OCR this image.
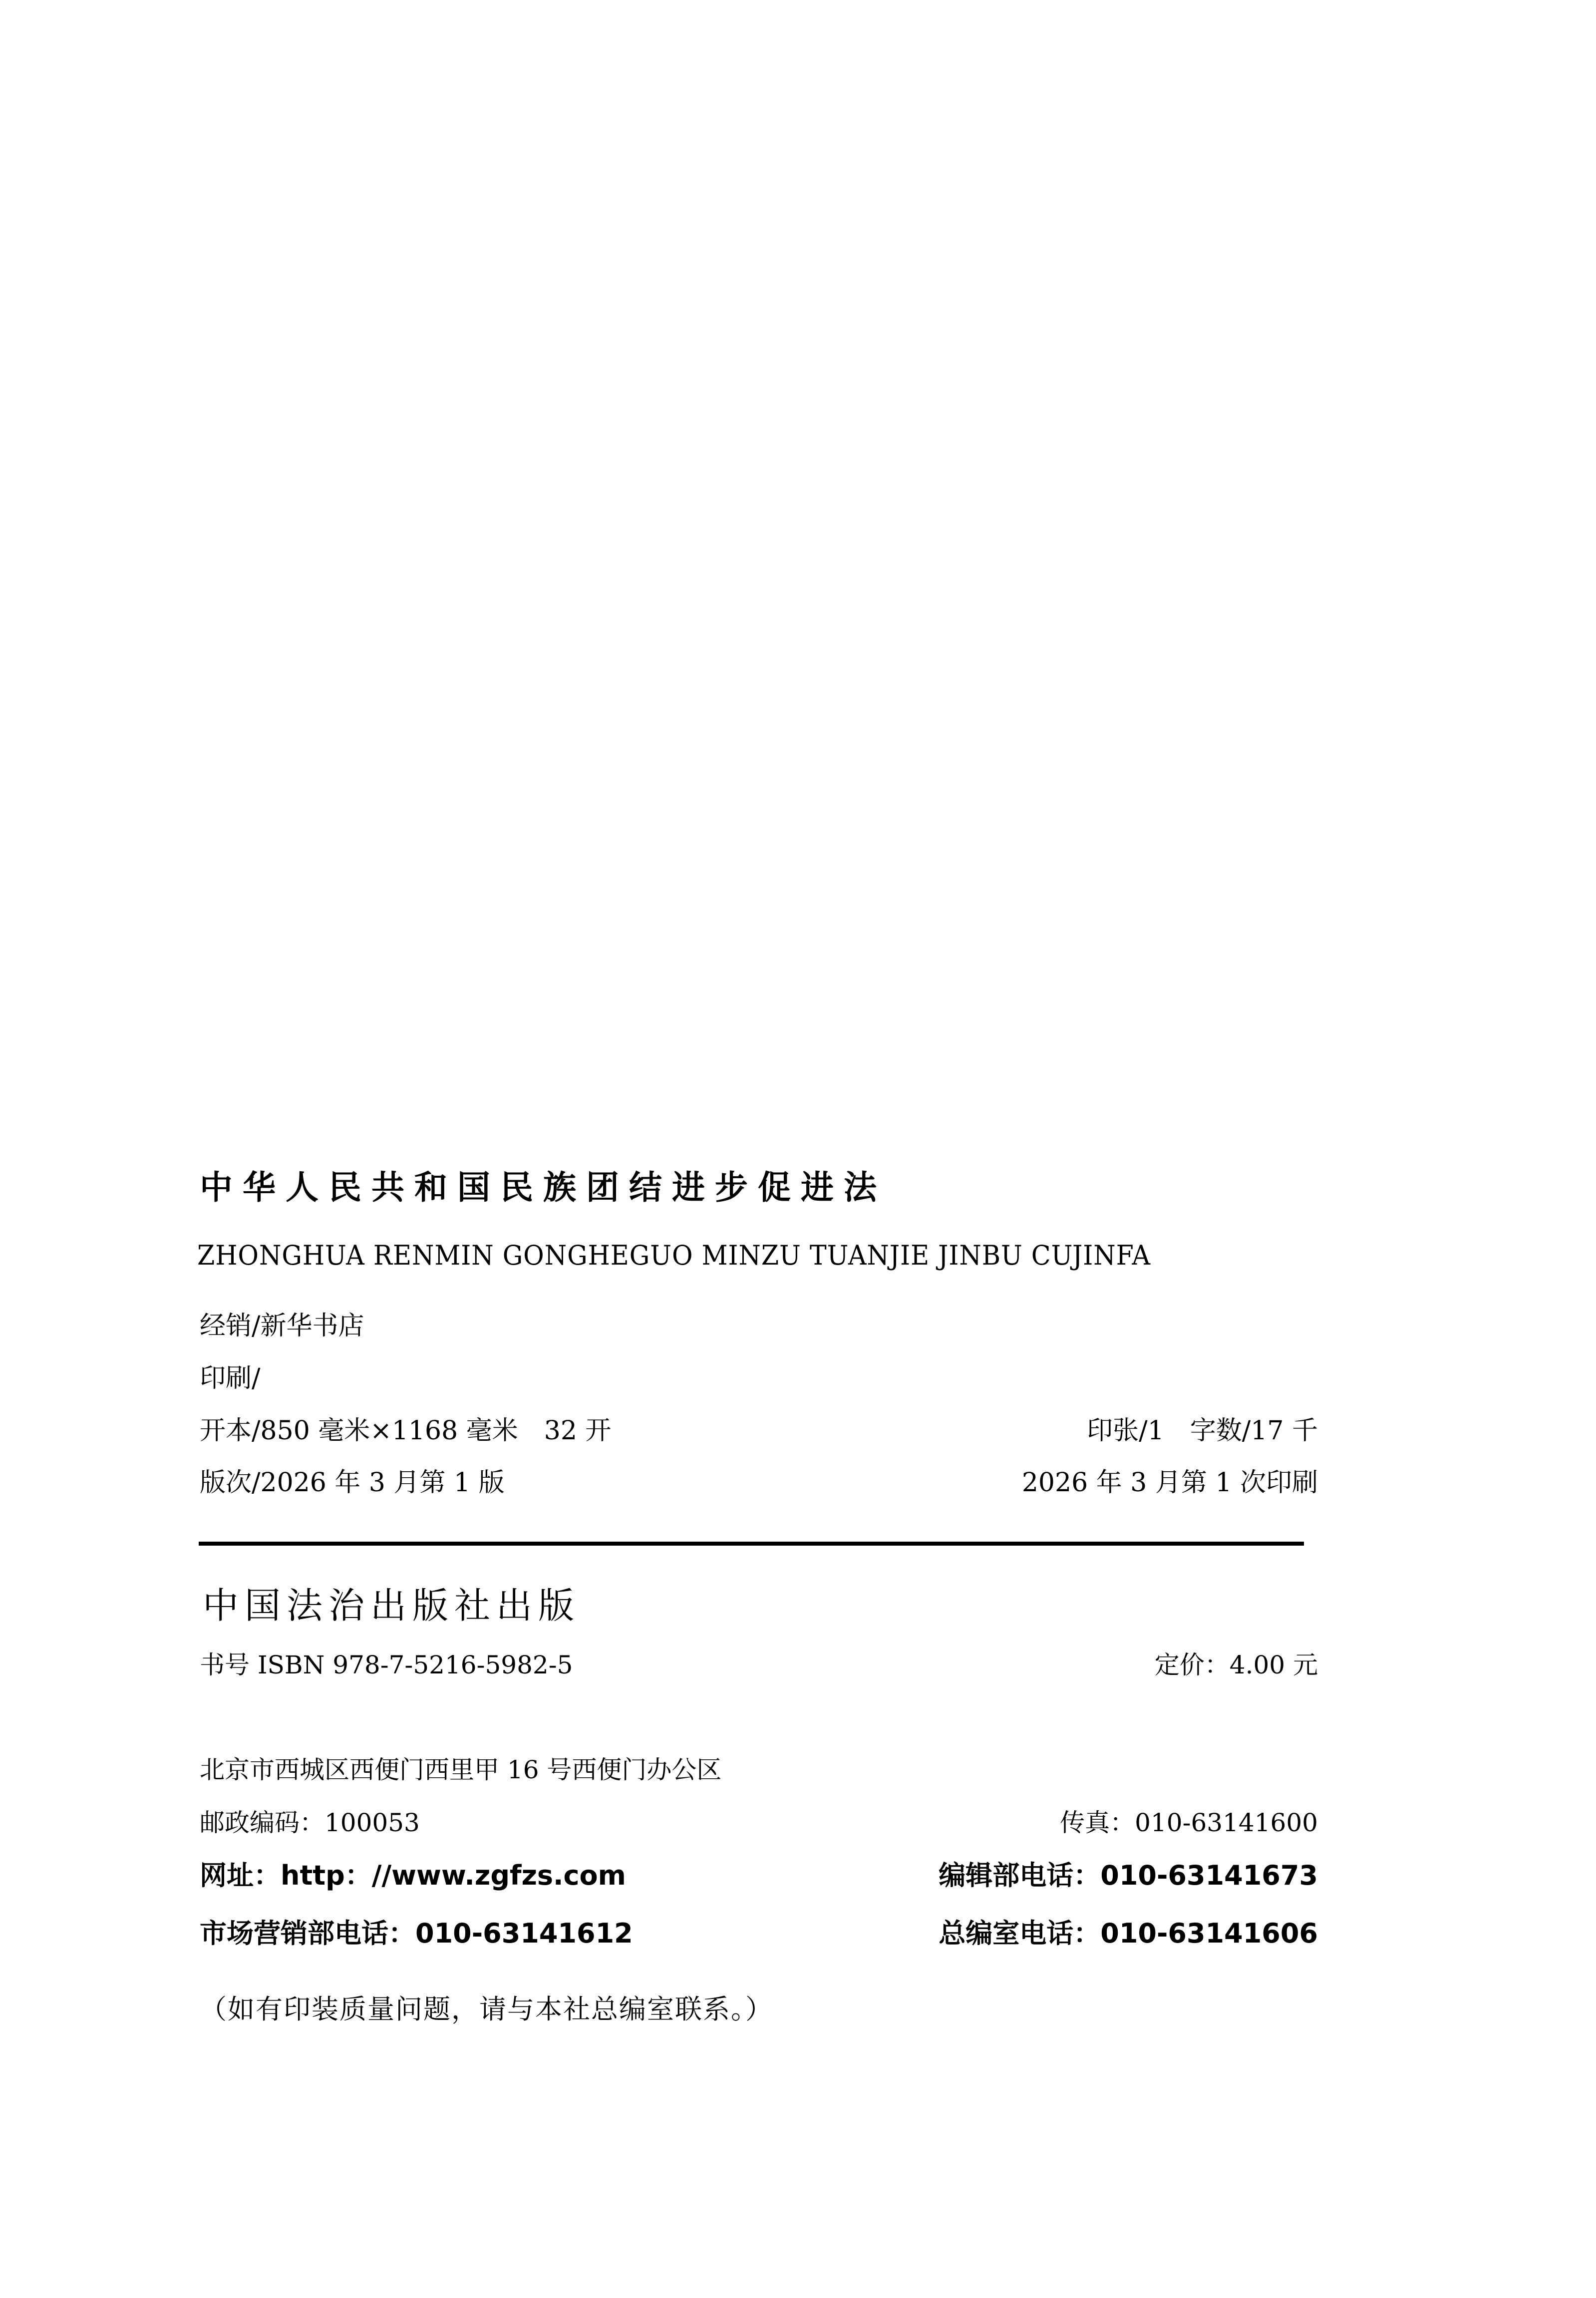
中华人民共和国民族团结进步促进法
ZHONGHUA RENMIN GONGHEGUO MINZU TUANJIE JINBU CUJINFA
经销/新华书店
印刷/
开本/850 毫米×1168 毫米　32 开	印张/1　字数/17 千
版次/2026 年 3 月第 1 版	2026 年 3 月第 1 次印刷
中国法治出版社出版
书号 ISBN 978-7-5216-5982-5	定价：4.00 元
北京市西城区西便门西里甲 16 号西便门办公区
邮政编码：100053	传真：010-63141600
网址：http：//www.zgfzs.com	编辑部电话：010-63141673
市场营销部电话：010-63141612	总编室电话：010-63141606
（如有印装质量问题，请与本社总编室联系。）
